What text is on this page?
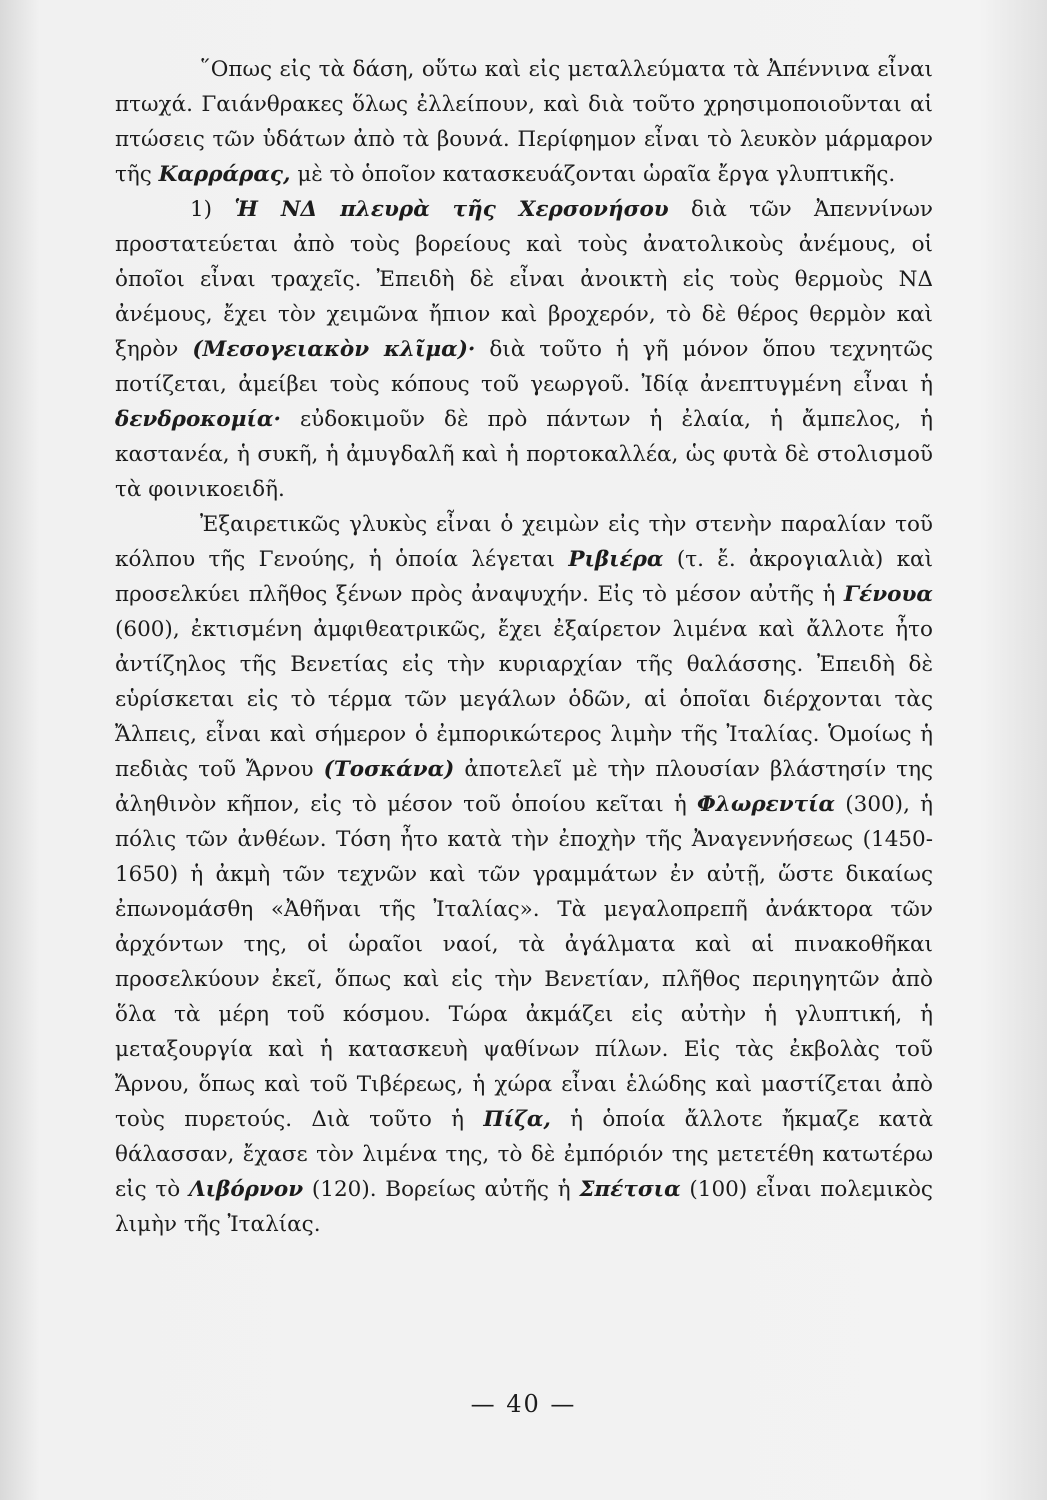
῞Οπως εἰς τὰ δάση, οὕτω καὶ εἰς μεταλλεύματα τὰ Ἀπέννινα εἶναι πτωχά. Γαιάνθρακες ὅλως ἐλλείπουν, καὶ διὰ τοῦτο χρησιμοποιοῦνται αἱ πτώσεις τῶν ὑδάτων ἀπὸ τὰ βουνά. Περίφημον εἶναι τὸ λευκὸν μάρμαρον τῆς Καρράρας, μὲ τὸ ὁποῖον κατασκευάζονται ὡραῖα ἔργα γλυπτικῆς.

1) Ἡ ΝΔ πλευρὰ τῆς Χερσονήσου διὰ τῶν Ἀπεννίνων προστατεύεται ἀπὸ τοὺς βορείους καὶ τοὺς ἀνατολικοὺς ἀνέμους, οἱ ὁποῖοι εἶναι τραχεῖς. Ἐπειδὴ δὲ εἶναι ἀνοικτὴ εἰς τοὺς θερμοὺς ΝΔ ἀνέμους, ἔχει τὸν χειμῶνα ἤπιον καὶ βροχερόν, τὸ δὲ θέρος θερμὸν καὶ ξηρὸν (Μεσογειακὸν κλῖμα)· διὰ τοῦτο ἡ γῆ μόνον ὅπου τεχνητῶς ποτίζεται, ἀμείβει τοὺς κόπους τοῦ γεωργοῦ. Ἰδίᾳ ἀνεπτυγμένη εἶναι ἡ δενδροκομία· εὐδοκιμοῦν δὲ πρὸ πάντων ἡ ἐλαία, ἡ ἄμπελος, ἡ καστανέα, ἡ συκῆ, ἡ ἀμυγδαλῆ καὶ ἡ πορτοκαλλέα, ὡς φυτὰ δὲ στολισμοῦ τὰ φοινικοειδῆ.

Ἐξαιρετικῶς γλυκὺς εἶναι ὁ χειμὼν εἰς τὴν στενὴν παραλίαν τοῦ κόλπου τῆς Γενούης, ἡ ὁποία λέγεται Ριβιέρα (τ. ἔ. ἀκρογιαλιὰ) καὶ προσελκύει πλῆθος ξένων πρὸς ἀναψυχήν. Εἰς τὸ μέσον αὐτῆς ἡ Γένουα (600), ἐκτισμένη ἀμφιθεατρικῶς, ἔχει ἐξαίρετον λιμένα καὶ ἄλλοτε ἦτο ἀντίζηλος τῆς Βενετίας εἰς τὴν κυριαρχίαν τῆς θαλάσσης. Ἐπειδὴ δὲ εὑρίσκεται εἰς τὸ τέρμα τῶν μεγάλων ὁδῶν, αἱ ὁποῖαι διέρχονται τὰς Ἄλπεις, εἶναι καὶ σήμερον ὁ ἐμπορικώτερος λιμὴν τῆς Ἰταλίας. Ὁμοίως ἡ πεδιὰς τοῦ Ἄρνου (Τοσκάνα) ἀποτελεῖ μὲ τὴν πλουσίαν βλάστησίν της ἀληθινὸν κῆπον, εἰς τὸ μέσον τοῦ ὁποίου κεῖται ἡ Φλωρεντία (300), ἡ πόλις τῶν ἀνθέων. Τόση ἦτο κατὰ τὴν ἐποχὴν τῆς Ἀναγεννήσεως (1450-1650) ἡ ἀκμὴ τῶν τεχνῶν καὶ τῶν γραμμάτων ἐν αὐτῇ, ὥστε δικαίως ἐπωνομάσθη «Ἀθῆναι τῆς Ἰταλίας». Τὰ μεγαλοπρεπῆ ἀνάκτορα τῶν ἀρχόντων της, οἱ ὡραῖοι ναοί, τὰ ἀγάλματα καὶ αἱ πινακοθῆκαι προσελκύουν ἐκεῖ, ὅπως καὶ εἰς τὴν Βενετίαν, πλῆθος περιηγητῶν ἀπὸ ὅλα τὰ μέρη τοῦ κόσμου. Τώρα ἀκμάζει εἰς αὐτὴν ἡ γλυπτική, ἡ μεταξουργία καὶ ἡ κατασκευὴ ψαθίνων πίλων. Εἰς τὰς ἐκβολὰς τοῦ Ἄρνου, ὅπως καὶ τοῦ Τιβέρεως, ἡ χώρα εἶναι ἑλώδης καὶ μαστίζεται ἀπὸ τοὺς πυρετούς. Διὰ τοῦτο ἡ Πίζα, ἡ ὁποία ἄλλοτε ἤκμαζε κατὰ θάλασσαν, ἔχασε τὸν λιμένα της, τὸ δὲ ἐμπόριόν της μετετέθη κατωτέρω εἰς τὸ Λιβόρνον (120). Βορείως αὐτῆς ἡ Σπέτσια (100) εἶναι πολεμικὸς λιμὴν τῆς Ἰταλίας.

— 40 —
